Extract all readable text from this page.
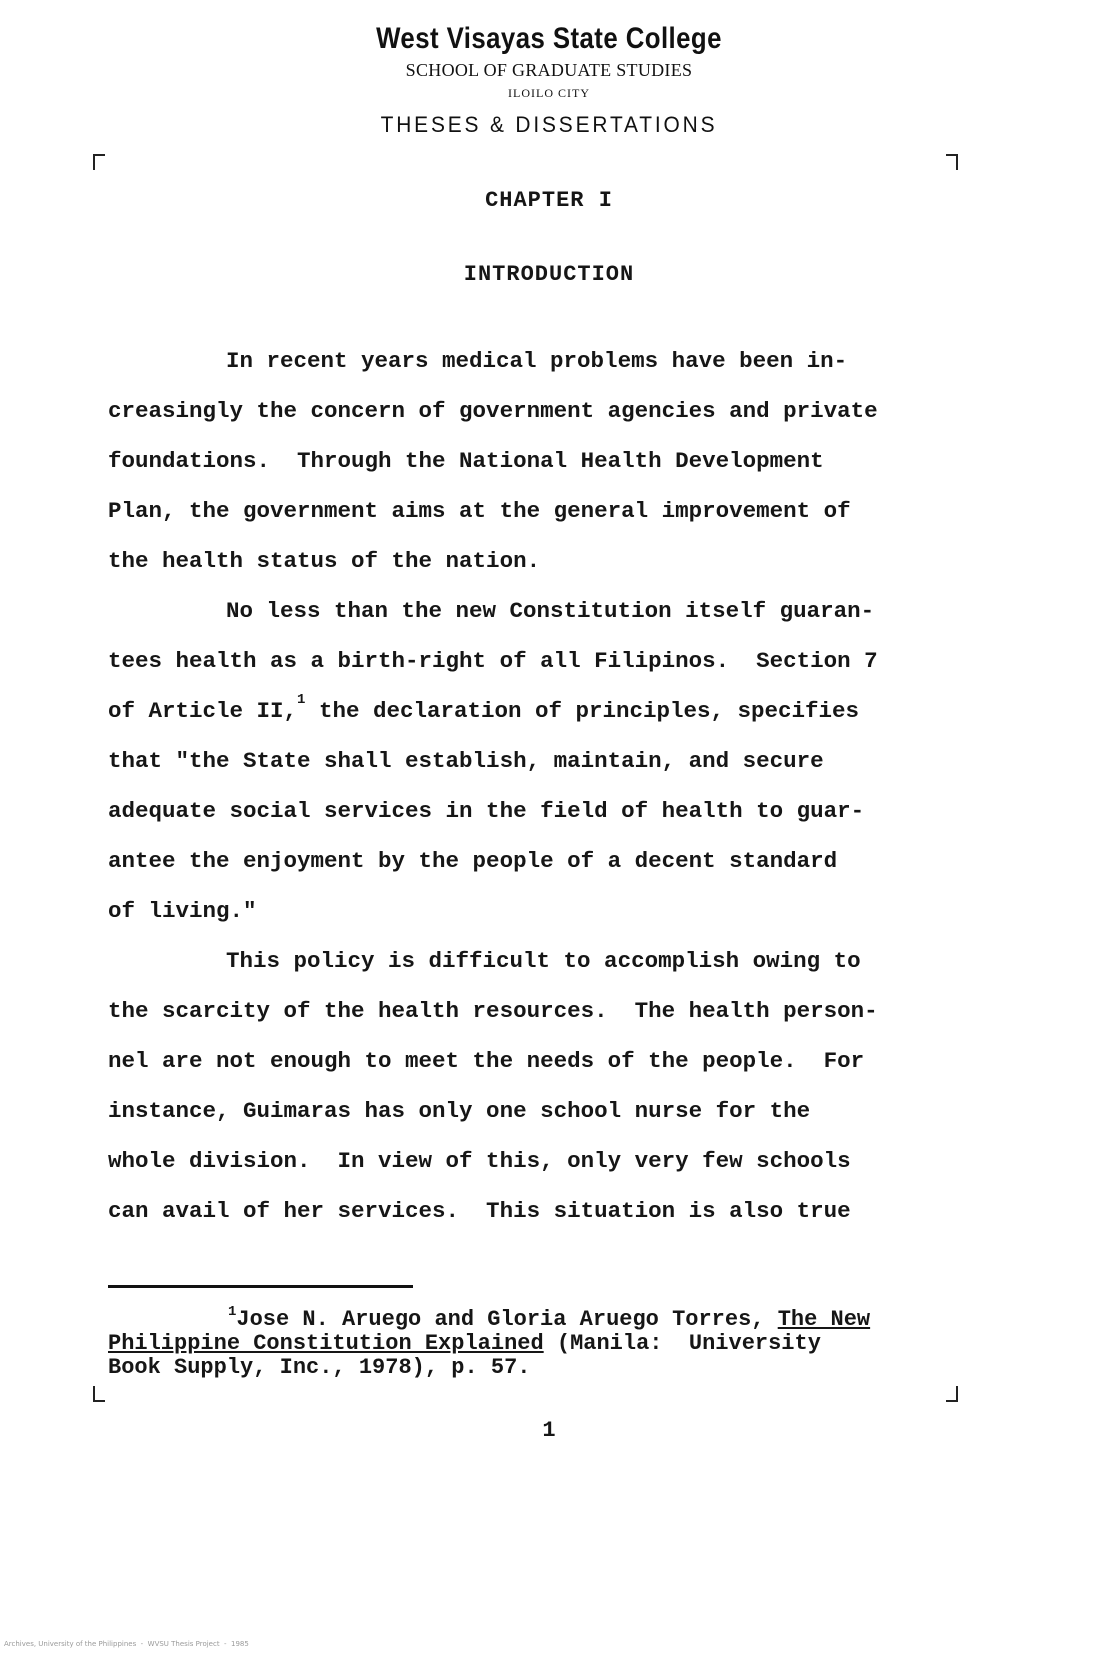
West Visayas State College
SCHOOL OF GRADUATE STUDIES
ILOILO CITY
THESES & DISSERTATIONS
CHAPTER I
INTRODUCTION
In recent years medical problems have been in-
creasingly the concern of government agencies and private
foundations.  Through the National Health Development
Plan, the government aims at the general improvement of
the health status of the nation.
No less than the new Constitution itself guaran-
tees health as a birth-right of all Filipinos.  Section 7
of Article II,$^1$ the declaration of principles, specifies
that "the State shall establish, maintain, and secure
adequate social services in the field of health to guar-
antee the enjoyment by the people of a decent standard
of living."
This policy is difficult to accomplish owing to
the scarcity of the health resources.  The health person-
nel are not enough to meet the needs of the people.  For
instance, Guimaras has only one school nurse for the
whole division.  In view of this, only very few schools
can avail of her services.  This situation is also true
$^1$Jose N. Aruego and Gloria Aruego Torres, The New
Philippine Constitution Explained (Manila:  University
Book Supply, Inc., 1978), p. 57.
1
Archives, University of the Philippines  -  WVSU Thesis Project  -  1985
